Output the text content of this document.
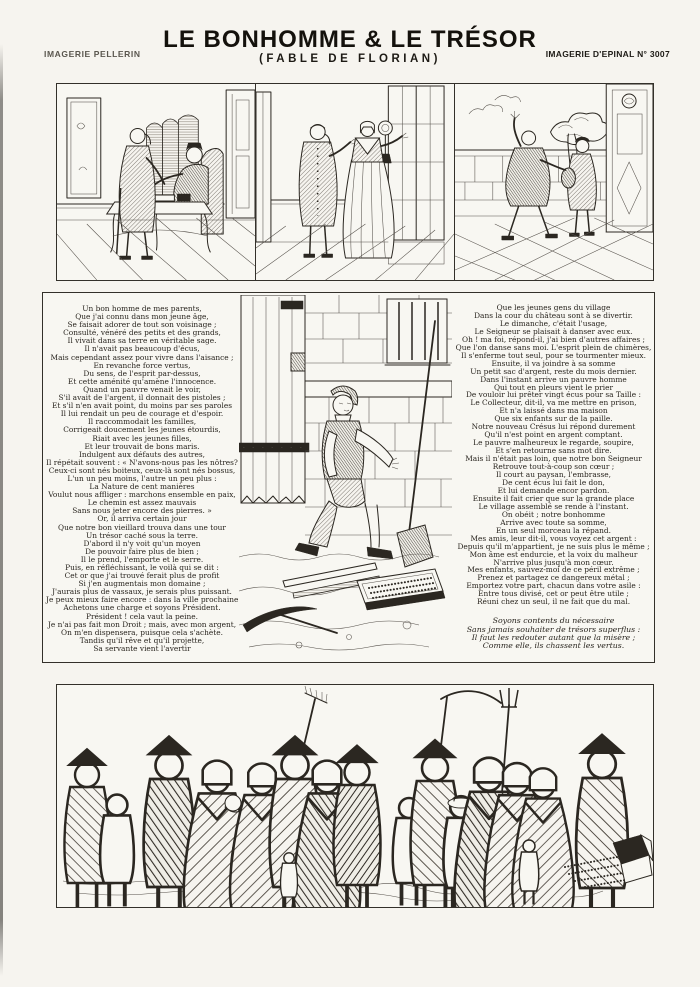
IMAGERIE PELLERIN
LE BONHOMME & LE TRÉSOR
(FABLE DE FLORIAN)	IMAGERIE D'EPINAL N° 3007
Un bon homme de mes parents,
Que j'ai connu dans mon jeune âge,
Se faisait adorer de tout son voisinage ;
Consulté, vénéré des petits et des grands,
Il vivait dans sa terre en véritable sage.
Il n'avait pas beaucoup d'écus,
Mais cependant assez pour vivre dans l'aisance ;
En revanche force vertus,
Du sens, de l'esprit par-dessus,
Et cette aménité qu'amène l'innocence.
Quand un pauvre venait le voir,
S'il avait de l'argent, il donnait des pistoles ;
Et s'il n'en avait point, du moins par ses paroles
Il lui rendait un peu de courage et d'espoir.
Il raccommodait les familles,
Corrigeait doucement les jeunes étourdis,
Riait avec les jeunes filles,
Et leur trouvait de bons maris.
Indulgent aux défauts des autres,
Il répétait souvent : « N'avons-nous pas les nôtres?
Ceux-ci sont nés boiteux, ceux-là sont nés bossus,
L'un un peu moins, l'autre un peu plus :
La Nature de cent manières
Voulut nous affliger : marchons ensemble en paix,
Le chemin est assez mauvais
Sans nous jeter encore des pierres. »
Or, il arriva certain jour
Que notre bon vieillard trouva dans une tour
Un trésor caché sous la terre.
D'abord il n'y voit qu'un moyen
De pouvoir faire plus de bien ;
Il le prend, l'emporte et le serre.
Puis, en réfléchissant, le voilà qui se dit :
Cet or que j'ai trouvé ferait plus de profit
Si j'en augmentais mon domaine ;
J'aurais plus de vassaux, je serais plus puissant.
Je peux mieux faire encore : dans la ville prochaine
Achetons une charge et soyons Président.
Président ! cela vaut la peine.
Je n'ai pas fait mon Droit ; mais, avec mon argent,
On m'en dispensera, puisque cela s'achète.
Tandis qu'il rêve et qu'il projette,
Sa servante vient l'avertir
Que les jeunes gens du village
Dans la cour du château sont à se divertir.
Le dimanche, c'était l'usage,
Le Seigneur se plaisait à danser avec eux.
Oh ! ma foi, répond-il, j'ai bien d'autres affaires ;
Que l'on danse sans moi. L'esprit plein de chimères,
Il s'enferme tout seul, pour se tourmenter mieux.
Ensuite, il va joindre à sa somme
Un petit sac d'argent, reste du mois dernier.
Dans l'instant arrive un pauvre homme
Qui tout en pleurs vient le prier
De vouloir lui prêter vingt écus pour sa Taille :
Le Collecteur, dit-il, va me mettre en prison,
Et n'a laissé dans ma maison
Que six enfants sur de la paille.
Notre nouveau Crésus lui répond durement
Qu'il n'est point en argent comptant.
Le pauvre malheureux le regarde, soupire,
Et s'en retourne sans mot dire.
Mais il n'était pas loin, que notre bon Seigneur
Retrouve tout-à-coup son cœur ;
Il court au paysan, l'embrasse,
De cent écus lui fait le don,
Et lui demande encor pardon.
Ensuite il fait crier que sur la grande place
Le village assemblé se rende à l'instant.
On obéit ; notre bonhomme
Arrive avec toute sa somme,
En un seul morceau la répand.
Mes amis, leur dit-il, vous voyez cet argent :
Depuis qu'il m'appartient, je ne suis plus le même ;
Mon âme est endurcie, et la voix du malheur
N'arrive plus jusqu'à mon cœur.
Mes enfants, sauvez-moi de ce péril extrême ;
Prenez et partagez ce dangereux métal ;
Emportez votre part, chacun dans votre asile :
Entre tous divisé, cet or peut être utile ;
Réuni chez un seul, il ne fait que du mal.
Soyons contents du nécessaire
Sans jamais souhaiter de trésors superflus :
Il faut les redouter autant que la misère ;
Comme elle, ils chassent les vertus.
